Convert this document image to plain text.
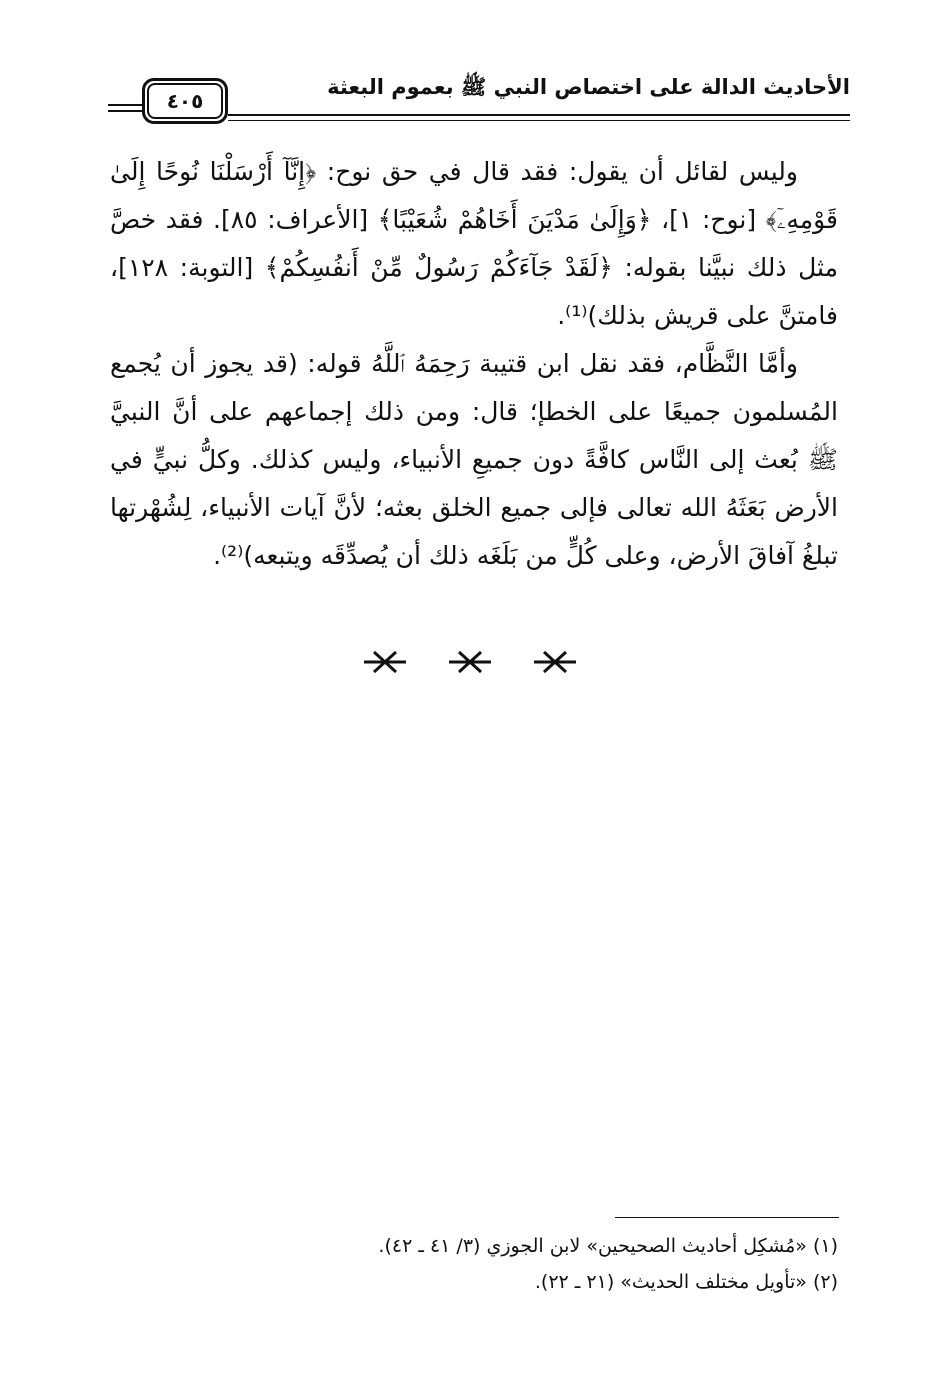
٤٠٥
الأحاديث الدالة على اختصاص النبي ﷺ بعموم البعثة

وليس لقائل أن يقول: فقد قال في حق نوح: ﴿إِنَّآ أَرْسَلْنَا نُوحًا إِلَىٰ قَوْمِهِۦٓ﴾ [نوح: ١]، ﴿وَإِلَىٰ مَدْيَنَ أَخَاهُمْ شُعَيْبًا﴾ [الأعراف: ٨٥]. فقد خصَّ مثل ذلك نبيَّنا بقوله: ﴿لَقَدْ جَآءَكُمْ رَسُولٌ مِّنْ أَنفُسِكُمْ﴾ [التوبة: ١٢٨]، فامتنَّ على قريش بذلك)⁽¹⁾.

وأمَّا النَّظَّام، فقد نقل ابن قتيبة رَحِمَهُ ٱللَّهُ قوله: (قد يجوز أن يُجمع المُسلمون جميعًا على الخطإ؛ قال: ومن ذلك إجماعهم على أنَّ النبيَّ ﷺ بُعث إلى النَّاس كافَّةً دون جميعِ الأنبياء، وليس كذلك. وكلُّ نبيٍّ في الأرض بَعَثَهُ الله تعالى فإلى جميع الخلق بعثه؛ لأنَّ آيات الأنبياء، لِشُهْرتها تبلغُ آفاقَ الأرض، وعلى كُلٍّ من بَلَغَه ذلك أن يُصدِّقَه ويتبعه)⁽²⁾.

(١) «مُشكِل أحاديث الصحيحين» لابن الجوزي (٣/ ٤١ ـ ٤٢).
(٢) «تأويل مختلف الحديث» (٢١ ـ ٢٢).
